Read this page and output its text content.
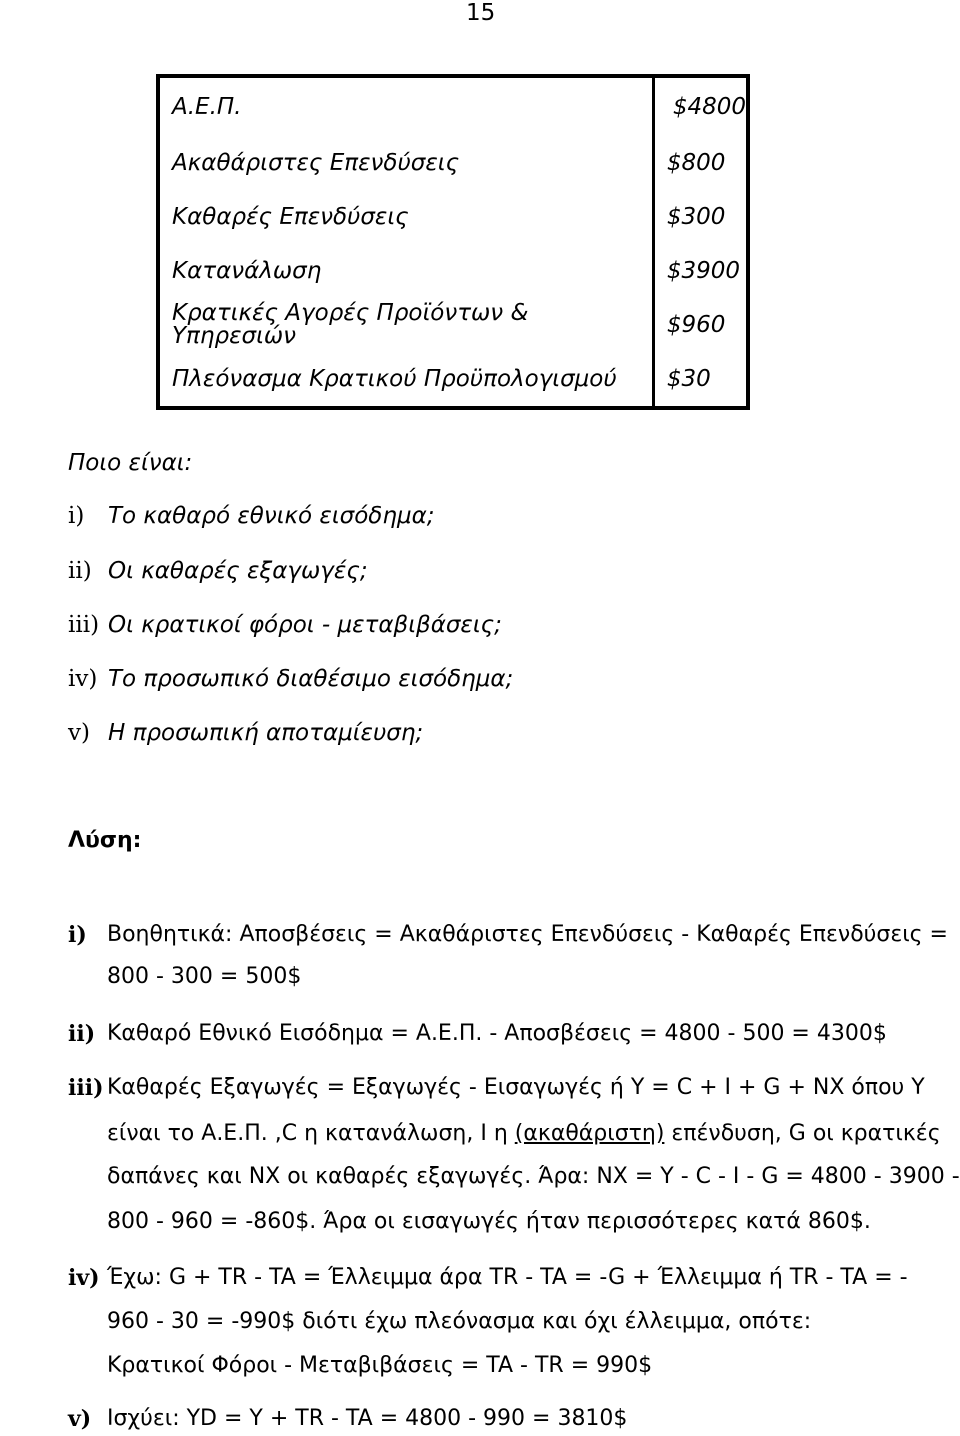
15
Α.Ε.Π.	$4800
Ακαθάριστες Επενδύσεις	$800
Καθαρές Επενδύσεις	$300
Κατανάλωση	$3900
Κρατικές Αγορές Προϊόντων & Υπηρεσιών	$960
Πλεόνασμα Κρατικού Προϋπολογισμού	$30
Ποιο είναι:
i) Το καθαρό εθνικό εισόδημα;
ii) Οι καθαρές εξαγωγές;
iii) Οι κρατικοί φόροι - μεταβιβάσεις;
iv) Το προσωπικό διαθέσιμο εισόδημα;
v) Η προσωπική αποταμίευση;
Λύση:
i) Βοηθητικά: Αποσβέσεις = Ακαθάριστες Επενδύσεις - Καθαρές Επενδύσεις =
800 - 300 = 500$
ii) Καθαρό Εθνικό Εισόδημα = Α.Ε.Π. - Αποσβέσεις = 4800 - 500 = 4300$
iii) Καθαρές Εξαγωγές = Εξαγωγές - Εισαγωγές ή Y = C + I + G + NX όπου Υ
είναι το Α.Ε.Π. ,C η κατανάλωση, I η (ακαθάριστη) επένδυση, G οι κρατικές
δαπάνες και NX οι καθαρές εξαγωγές. Άρα: NX = Y - C - I - G = 4800 - 3900 -
800 - 960 = -860$. Άρα οι εισαγωγές ήταν περισσότερες κατά 860$.
iv) Έχω: G + TR - TA = Έλλειμμα άρα TR - TA = -G + Έλλειμμα ή TR - TA = -
960 - 30 = -990$ διότι έχω πλεόνασμα και όχι έλλειμμα, οπότε:
Κρατικοί Φόροι - Μεταβιβάσεις = TA - TR = 990$
v) Ισχύει: YD = Y + TR - TA = 4800 - 990 = 3810$
